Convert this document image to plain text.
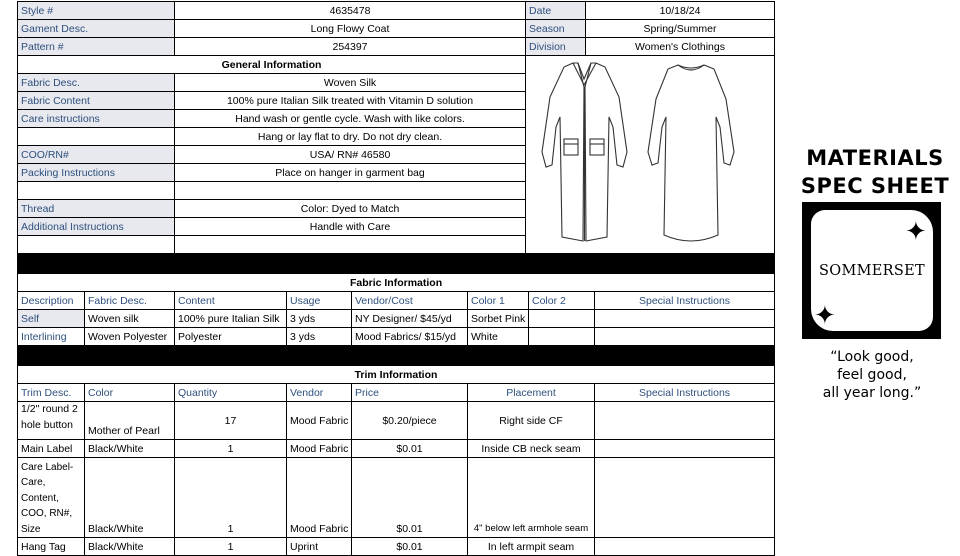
Style #	4635478	Date	10/18/24
Gament Desc.	Long Flowy Coat	Season	Spring/Summer
Pattern #	254397	Division	Women's Clothings
General Information	
Fabric Desc.	Woven Silk		
Fabric Content	100% pure Italian Silk treated with Vitamin D solution		
Care instructions	Hand wash or gentle cycle. Wash with like colors.		
	Hang or lay flat to dry. Do not dry clean.		
COO/RN#	USA/ RN# 46580		
Packing Instructions	Place on hanger in garment bag		

Thread	Color: Dyed to Match		
Additional Instructions	Handle with Care		

Fabric Information							
Description	Fabric Desc.	Content	Usage	Vendor/Cost	Color 1	Color 2	Special Instructions
Self	Woven silk	100% pure Italian Silk	3 yds	NY Designer/ $45/yd	Sorbet Pink		
Interlining	Woven Polyester	Polyester	3 yds	Mood Fabrics/ $15/yd	White		

Trim Information						
Trim Desc.	Color	Quantity	Vendor	Price	Placement	Special Instructions
1/2" round 2 hole button	Mother of Pearl	17	Mood Fabric	$0.20/piece	Right side CF	
Main Label	Black/White	1	Mood Fabric	$0.01	Inside CB neck seam	
Care Label- Care, Content, COO, RN#, Size	Black/White	1	Mood Fabric	$0.01	4" below left armhole seam	
Hang Tag	Black/White	1	Uprint	$0.01	In left armpit seam	
MATERIALS
SPEC SHEET
SOMMERSET
✦
✦
“Look good,
feel good,
all year long.”
